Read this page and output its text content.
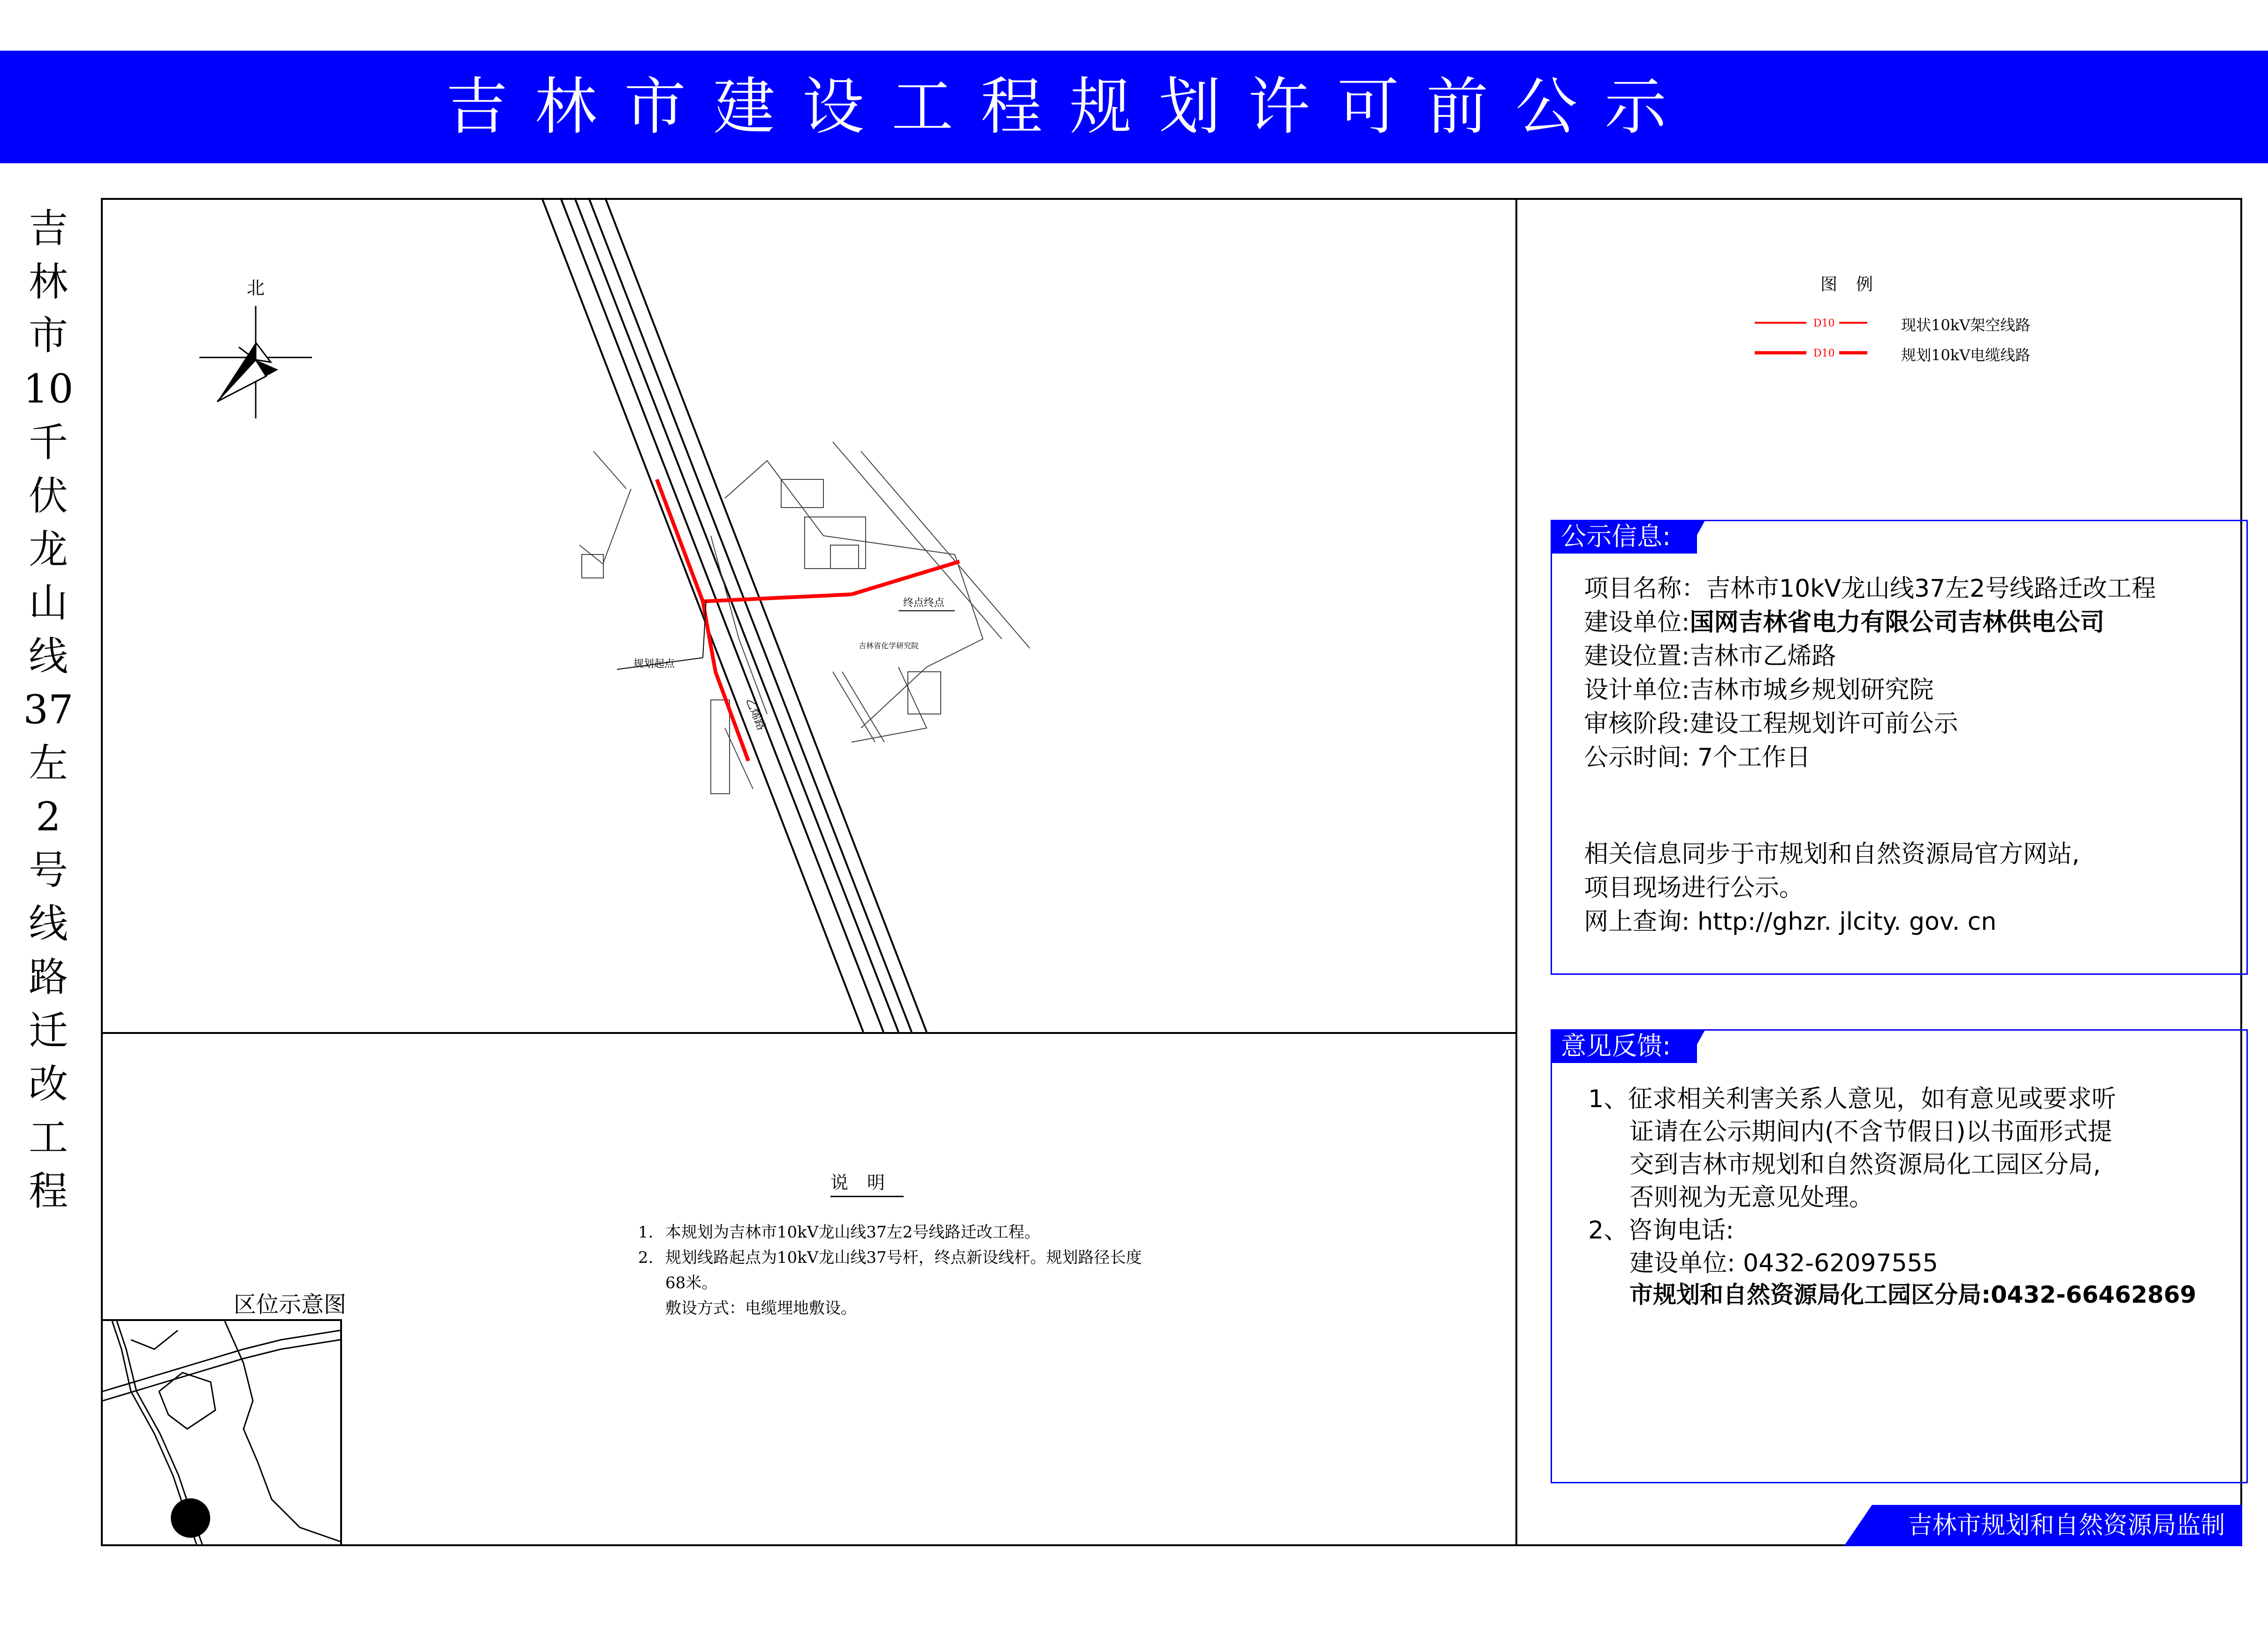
吉林市建设工程规划许可前公示
吉
林
市
10
千
伏
龙
山
线
37
左
2
号
线
路
迁
改
工
程
北
规划起点
终点终点
乙烯路
吉林省化学研究院
图例
D10
D10
现状10kV架空线路
规划10kV电缆线路
说明

1. 本规划为吉林市10kV龙山线37左2号线路迁改工程。

2. 规划线路起点为10kV龙山线37号杆，终点新设线杆。规划路径长度
68米。
敷设方式：电缆埋地敷设。

区位示意图
公示信息:
项目名称：吉林市10kV龙山线37左2号线路迁改工程
建设单位:国网吉林省电力有限公司吉林供电公司
建设位置:吉林市乙烯路
设计单位:吉林市城乡规划研究院
审核阶段:建设工程规划许可前公示
公示时间: 7个工作日
相关信息同步于市规划和自然资源局官方网站,
项目现场进行公示。
网上查询: http://ghzr. jlcity. gov. cn
意见反馈:
1、征求相关利害关系人意见，如有意见或要求听
证请在公示期间内(不含节假日)以书面形式提
交到吉林市规划和自然资源局化工园区分局,
否则视为无意见处理。
2、咨询电话:
建设单位: 0432-62097555
市规划和自然资源局化工园区分局:0432-66462869
吉林市规划和自然资源局监制
